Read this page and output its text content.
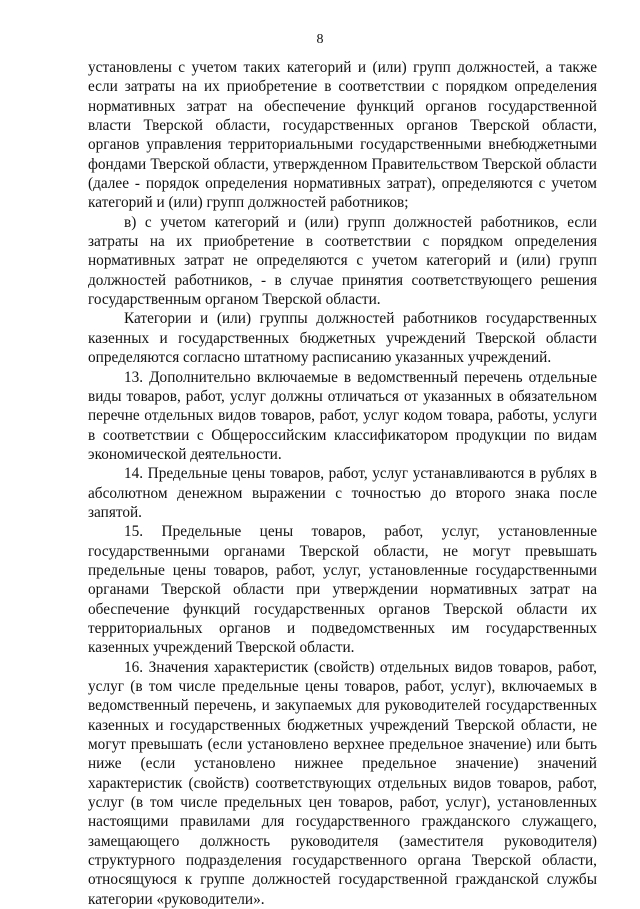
8

установлены с учетом таких категорий и (или) групп должностей, а также если затраты на их приобретение в соответствии с порядком определения нормативных затрат на обеспечение функций органов государственной власти Тверской области, государственных органов Тверской области, органов управления территориальными государственными внебюджетными фондами Тверской области, утвержденном Правительством Тверской области (далее - порядок определения нормативных затрат), определяются с учетом категорий и (или) групп должностей работников;

в) с учетом категорий и (или) групп должностей работников, если затраты на их приобретение в соответствии с порядком определения нормативных затрат не определяются с учетом категорий и (или) групп должностей работников, - в случае принятия соответствующего решения государственным органом Тверской области.

Категории и (или) группы должностей работников государственных казенных и государственных бюджетных учреждений Тверской области определяются согласно штатному расписанию указанных учреждений.

13. Дополнительно включаемые в ведомственный перечень отдельные виды товаров, работ, услуг должны отличаться от указанных в обязательном перечне отдельных видов товаров, работ, услуг кодом товара, работы, услуги в соответствии с Общероссийским классификатором продукции по видам экономической деятельности.

14. Предельные цены товаров, работ, услуг устанавливаются в рублях в абсолютном денежном выражении с точностью до второго знака после запятой.

15. Предельные цены товаров, работ, услуг, установленные государственными органами Тверской области, не могут превышать предельные цены товаров, работ, услуг, установленные государственными органами Тверской области при утверждении нормативных затрат на обеспечение функций государственных органов Тверской области их территориальных органов и подведомственных им государственных казенных учреждений Тверской области.

16. Значения характеристик (свойств) отдельных видов товаров, работ, услуг (в том числе предельные цены товаров, работ, услуг), включаемых в ведомственный перечень, и закупаемых для руководителей государственных казенных и государственных бюджетных учреждений Тверской области, не могут превышать (если установлено верхнее предельное значение) или быть ниже (если установлено нижнее предельное значение) значений характеристик (свойств) соответствующих отдельных видов товаров, работ, услуг (в том числе предельных цен товаров, работ, услуг), установленных настоящими правилами для государственного гражданского служащего, замещающего должность руководителя (заместителя руководителя) структурного подразделения государственного органа Тверской области, относящуюся к группе должностей государственной гражданской службы категории «руководители».
